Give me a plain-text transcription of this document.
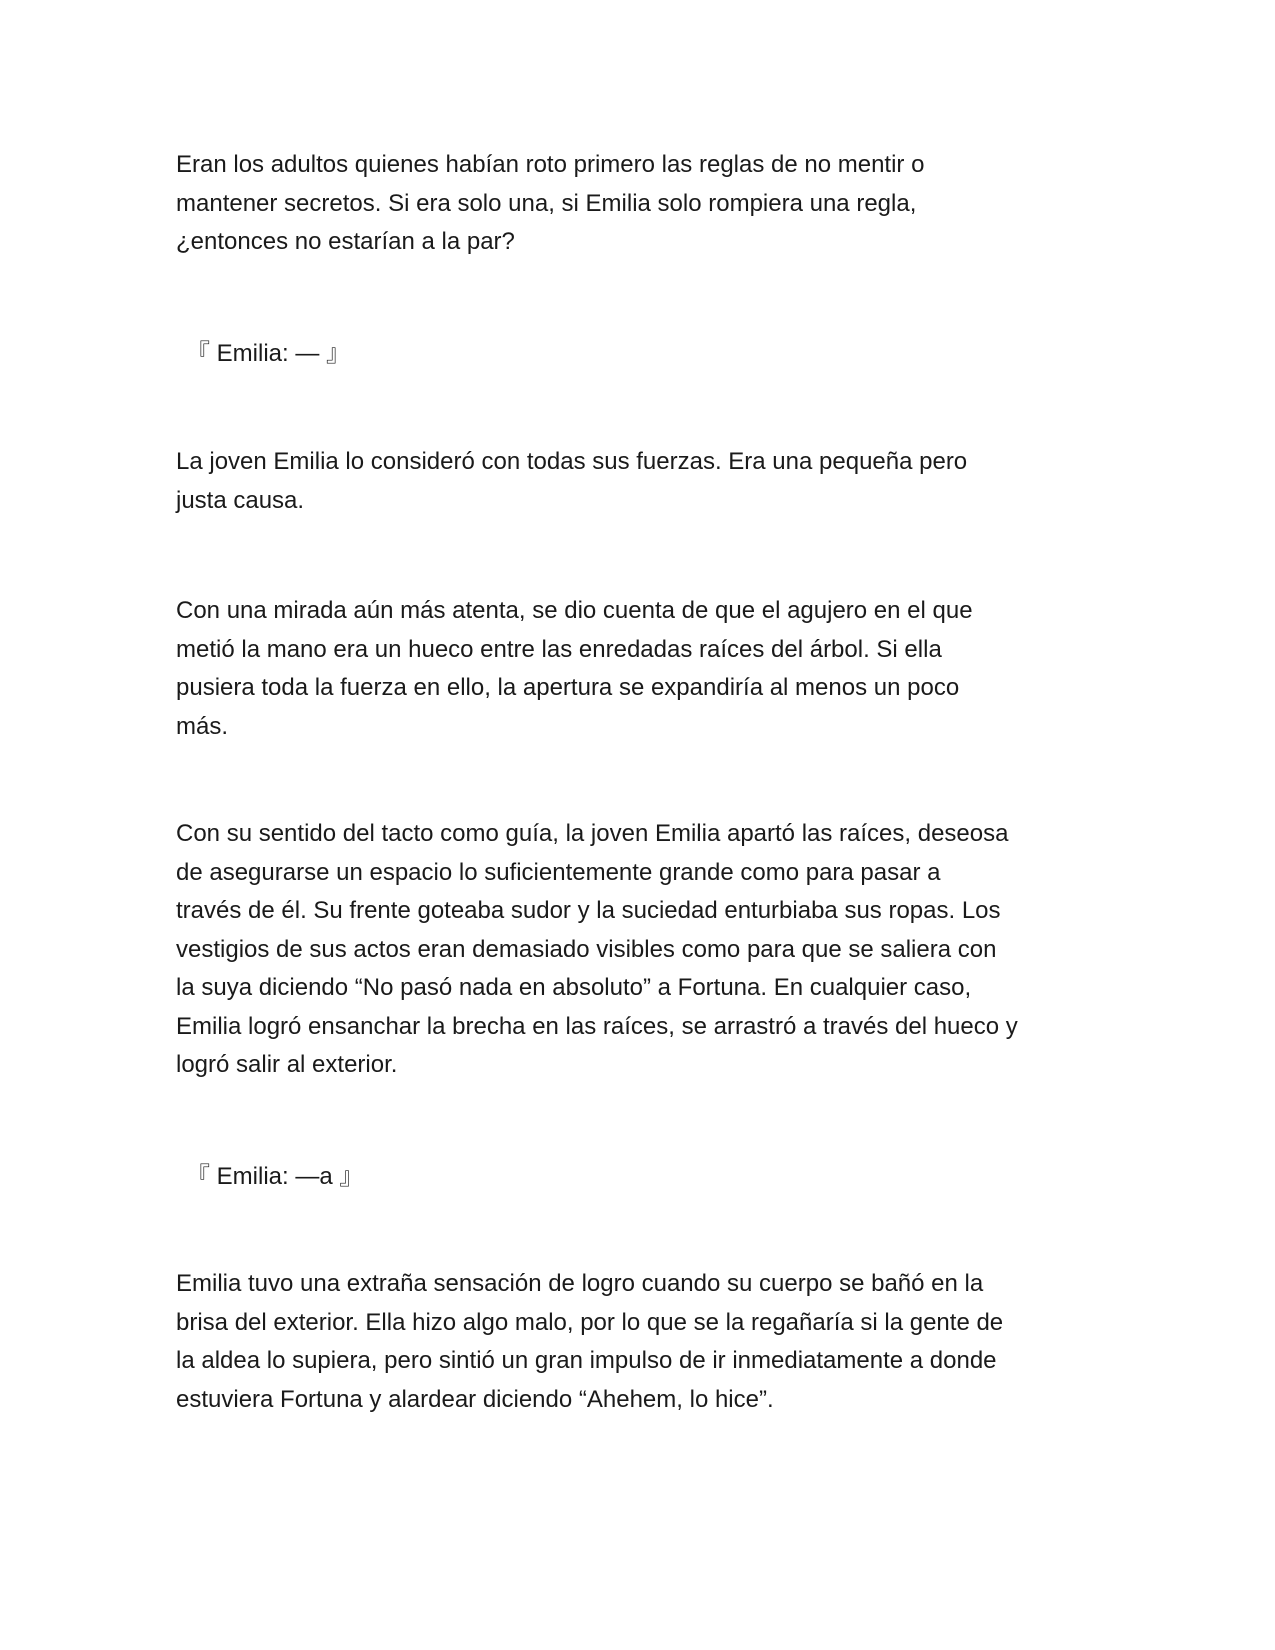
Eran los adultos quienes habían roto primero las reglas de no mentir o
mantener secretos. Si era solo una, si Emilia solo rompiera una regla,
¿entonces no estarían a la par?

『 Emilia: — 』

La joven Emilia lo consideró con todas sus fuerzas. Era una pequeña pero
justa causa.

Con una mirada aún más atenta, se dio cuenta de que el agujero en el que
metió la mano era un hueco entre las enredadas raíces del árbol. Si ella
pusiera toda la fuerza en ello, la apertura se expandiría al menos un poco
más.

Con su sentido del tacto como guía, la joven Emilia apartó las raíces, deseosa
de asegurarse un espacio lo suficientemente grande como para pasar a
través de él. Su frente goteaba sudor y la suciedad enturbiaba sus ropas. Los
vestigios de sus actos eran demasiado visibles como para que se saliera con
la suya diciendo “No pasó nada en absoluto” a Fortuna. En cualquier caso,
Emilia logró ensanchar la brecha en las raíces, se arrastró a través del hueco y
logró salir al exterior.

『 Emilia: —a 』

Emilia tuvo una extraña sensación de logro cuando su cuerpo se bañó en la
brisa del exterior. Ella hizo algo malo, por lo que se la regañaría si la gente de
la aldea lo supiera, pero sintió un gran impulso de ir inmediatamente a donde
estuviera Fortuna y alardear diciendo “Ahehem, lo hice”.
